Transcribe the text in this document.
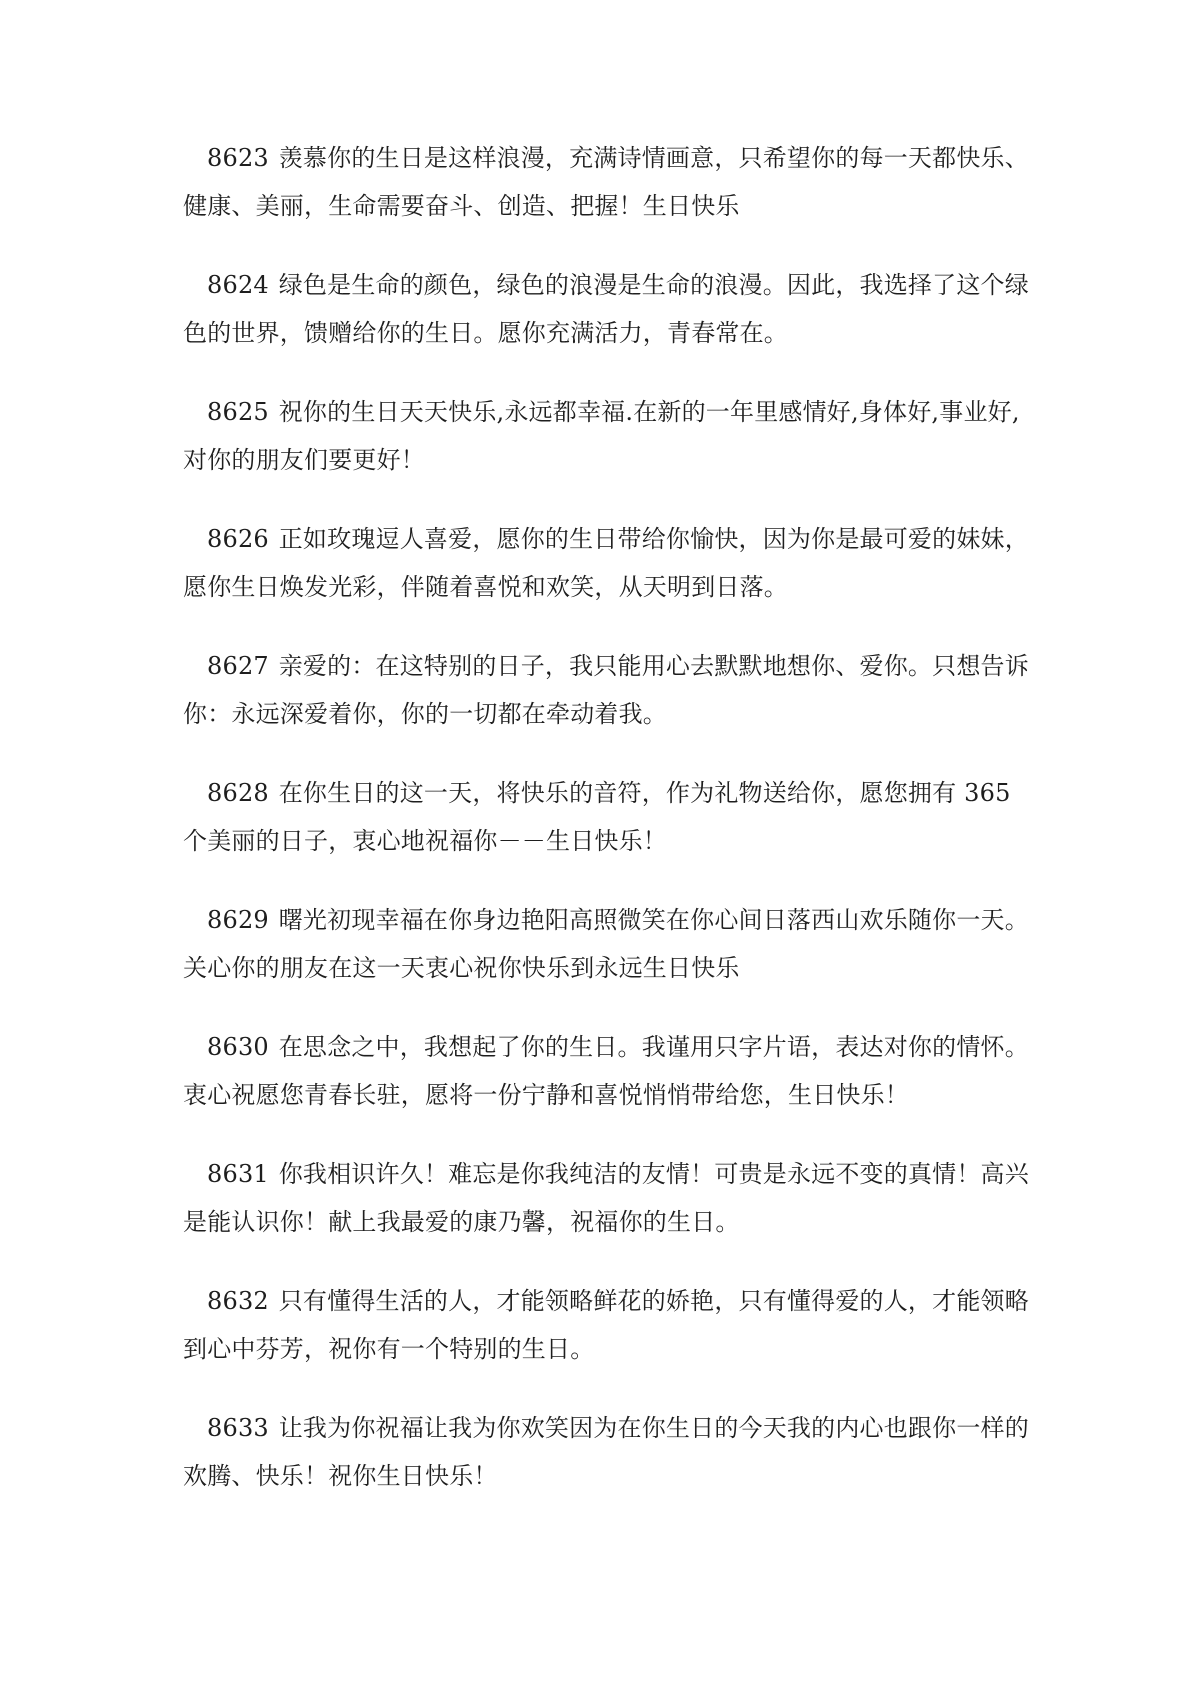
8623 羡慕你的生日是这样浪漫，充满诗情画意，只希望你的每一天都快乐、健康、美丽，生命需要奋斗、创造、把握！生日快乐

8624 绿色是生命的颜色，绿色的浪漫是生命的浪漫。因此，我选择了这个绿色的世界，馈赠给你的生日。愿你充满活力，青春常在。

8625 祝你的生日天天快乐,永远都幸福.在新的一年里感情好,身体好,事业好,对你的朋友们要更好！

8626 正如玫瑰逗人喜爱，愿你的生日带给你愉快，因为你是最可爱的妹妹，愿你生日焕发光彩，伴随着喜悦和欢笑，从天明到日落。

8627 亲爱的：在这特别的日子，我只能用心去默默地想你、爱你。只想告诉你：永远深爱着你，你的一切都在牵动着我。

8628 在你生日的这一天，将快乐的音符，作为礼物送给你，愿您拥有 365 个美丽的日子，衷心地祝福你－－生日快乐！

8629 曙光初现幸福在你身边艳阳高照微笑在你心间日落西山欢乐随你一天。关心你的朋友在这一天衷心祝你快乐到永远生日快乐

8630 在思念之中，我想起了你的生日。我谨用只字片语，表达对你的情怀。衷心祝愿您青春长驻，愿将一份宁静和喜悦悄悄带给您，生日快乐！

8631 你我相识许久！难忘是你我纯洁的友情！可贵是永远不变的真情！高兴是能认识你！献上我最爱的康乃馨，祝福你的生日。

8632 只有懂得生活的人，才能领略鲜花的娇艳，只有懂得爱的人，才能领略到心中芬芳，祝你有一个特别的生日。

8633 让我为你祝福让我为你欢笑因为在你生日的今天我的内心也跟你一样的欢腾、快乐！祝你生日快乐！
